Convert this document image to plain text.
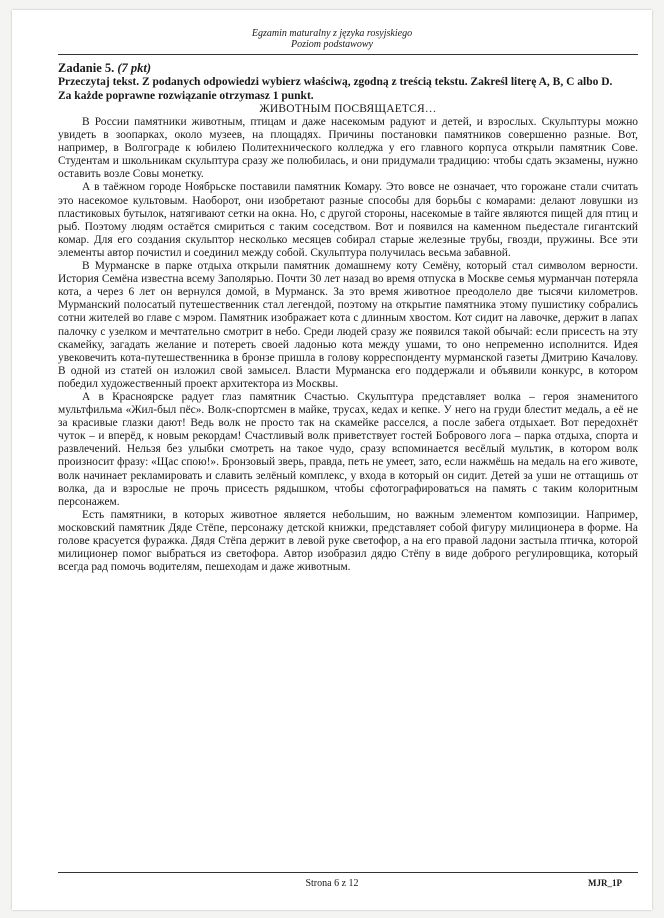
Egzamin maturalny z języka rosyjskiego
Poziom podstawowy

Zadanie 5. (7 pkt)

Przeczytaj tekst. Z podanych odpowiedzi wybierz właściwą, zgodną z treścią tekstu. Zakreśl literę A, B, C albo D.

Za każde poprawne rozwiązanie otrzymasz 1 punkt.

ЖИВОТНЫМ ПОСВЯЩАЕТСЯ…

В России памятники животным, птицам и даже насекомым радуют и детей, и взрослых. Скульптуры можно увидеть в зоопарках, около музеев, на площадях. Причины постановки памятников совершенно разные. Вот, например, в Волгограде к юбилею Политехнического колледжа у его главного корпуса открыли памятник Сове. Студентам и школьникам скульптура сразу же полюбилась, и они придумали традицию: чтобы сдать экзамены, нужно оставить возле Совы монетку.

А в таёжном городе Ноябрьске поставили памятник Комару. Это вовсе не означает, что горожане стали считать это насекомое культовым. Наоборот, они изобретают разные способы для борьбы с комарами: делают ловушки из пластиковых бутылок, натягивают сетки на окна. Но, с другой стороны, насекомые в тайге являются пищей для птиц и рыб. Поэтому людям остаётся смириться с таким соседством. Вот и появился на каменном пьедестале гигантский комар. Для его создания скульптор несколько месяцев собирал старые железные трубы, гвозди, пружины. Все эти элементы автор почистил и соединил между собой. Скульптура получилась весьма забавной.

В Мурманске в парке отдыха открыли памятник домашнему коту Семёну, который стал символом верности. История Семёна известна всему Заполярью. Почти 30 лет назад во время отпуска в Москве семья мурманчан потеряла кота, а через 6 лет он вернулся домой, в Мурманск. За это время животное преодолело две тысячи километров. Мурманский полосатый путешественник стал легендой, поэтому на открытие памятника этому пушистику собрались сотни жителей во главе с мэром. Памятник изображает кота с длинным хвостом. Кот сидит на лавочке, держит в лапах палочку с узелком и мечтательно смотрит в небо. Среди людей сразу же появился такой обычай: если присесть на эту скамейку, загадать желание и потереть своей ладонью кота между ушами, то оно непременно исполнится. Идея увековечить кота-путешественника в бронзе пришла в голову корреспонденту мурманской газеты Дмитрию Качалову. В одной из статей он изложил свой замысел. Власти Мурманска его поддержали и объявили конкурс, в котором победил художественный проект архитектора из Москвы.

А в Красноярске радует глаз памятник Счастью. Скульптура представляет волка – героя знаменитого мультфильма «Жил-был пёс». Волк-спортсмен в майке, трусах, кедах и кепке. У него на груди блестит медаль, а её не за красивые глазки дают! Ведь волк не просто так на скамейке расселся, а после забега отдыхает. Вот передохнёт чуток – и вперёд, к новым рекордам! Счастливый волк приветствует гостей Бобрового лога – парка отдыха, спорта и развлечений. Нельзя без улыбки смотреть на такое чудо, сразу вспоминается весёлый мультик, в котором волк произносит фразу: «Щас спою!». Бронзовый зверь, правда, петь не умеет, зато, если нажмёшь на медаль на его животе, волк начинает рекламировать и славить зелёный комплекс, у входа в который он сидит. Детей за уши не оттащишь от волка, да и взрослые не прочь присесть рядышком, чтобы сфотографироваться на память с таким колоритным персонажем.

Есть памятники, в которых животное является небольшим, но важным элементом композиции. Например, московский памятник Дяде Стёпе, персонажу детской книжки, представляет собой фигуру милиционера в форме. На голове красуется фуражка. Дядя Стёпа держит в левой руке светофор, а на его правой ладони застыла птичка, которой милиционер помог выбраться из светофора. Автор изобразил дядю Стёпу в виде доброго регулировщика, который всегда рад помочь водителям, пешеходам и даже животным.

Strona 6 z 12	MJR_1P
